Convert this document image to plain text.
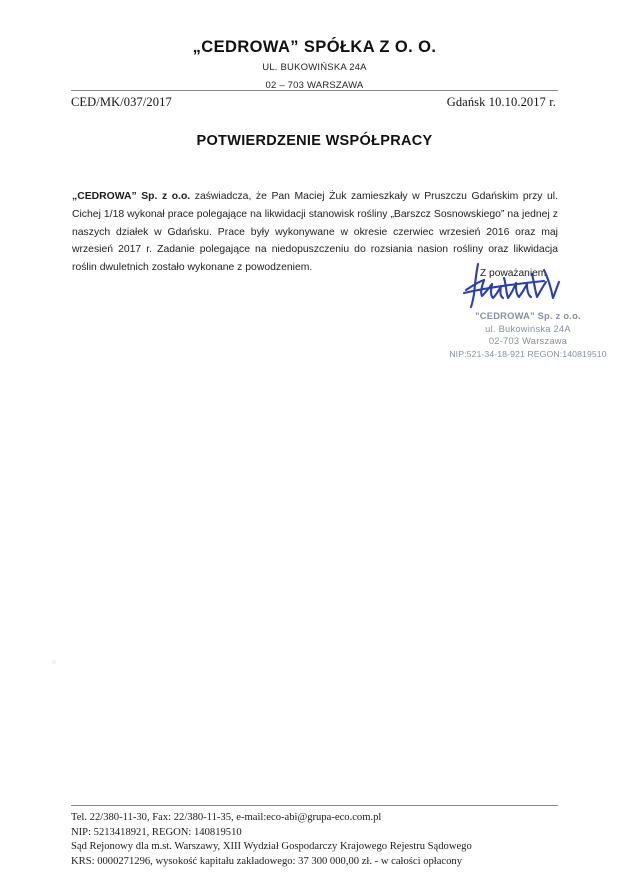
„CEDROWA” SPÓŁKA Z O. O.
UL. BUKOWIŃSKA 24A
02 – 703 WARSZAWA
CED/MK/037/2017	Gdańsk 10.10.2017 r.
POTWIERDZENIE WSPÓŁPRACY

„CEDROWA” Sp. z o.o. zaświadcza, że Pan Maciej Żuk zamieszkały w Pruszczu Gdańskim przy ul. Cichej 1/18 wykonał prace polegające na likwidacji stanowisk rośliny „Barszcz Sosnowskiego” na jednej z naszych działek w Gdańsku. Prace były wykonywane w okresie czerwiec wrzesień 2016 oraz maj wrzesień 2017 r. Zadanie polegające na niedopuszczeniu do rozsiania nasion rośliny oraz likwidacja roślin dwuletnich zostało wykonane z powodzeniem.

Z poważaniem
"CEDROWA" Sp. z o.o.
ul. Bukowińska 24A
02-703 Warszawa
NIP:521-34-18-921 REGON:140819510
Tel. 22/380-11-30, Fax: 22/380-11-35, e-mail:eco-abi@grupa-eco.com.pl
NIP: 5213418921, REGON: 140819510
Sąd Rejonowy dla m.st. Warszawy, XIII Wydział Gospodarczy Krajowego Rejestru Sądowego
KRS: 0000271296, wysokość kapitału zakładowego: 37 300 000,00 zł. - w całości opłacony
